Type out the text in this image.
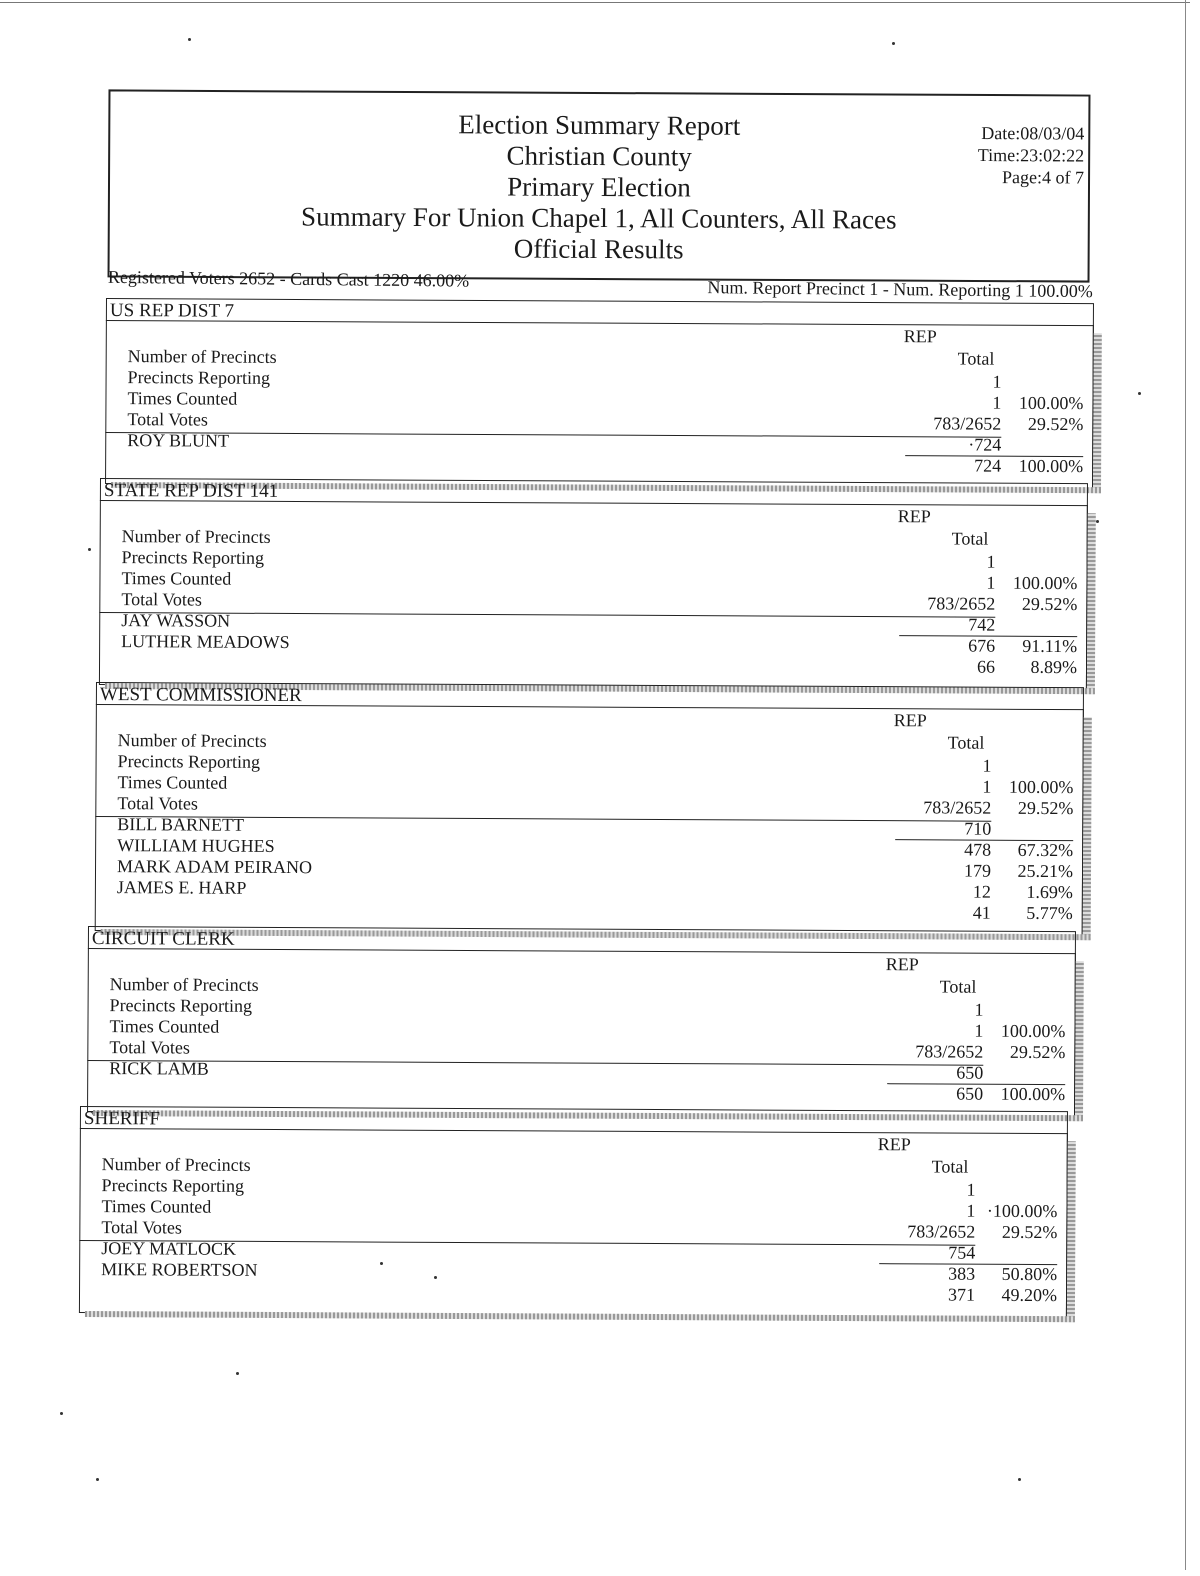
Election Summary Report
Christian County
Primary Election
Summary For Union Chapel 1, All Counters, All Races
Official Results
Date:08/03/04
Time:23:02:22
Page:4 of 7
Registered Voters 2652 - Cards Cast 1220 46.00%	Num. Report Precinct 1 - Num. Reporting 1 100.00%
US REP DIST 7
REP
Total
Number of Precincts
Precincts Reporting
Times Counted
Total Votes
ROY BLUNT
1
1
783/2652
·724
724
100.00%
29.52%
100.00%
STATE REP DIST 141
REP
Total
Number of Precincts
Precincts Reporting
Times Counted
Total Votes
JAY WASSON
LUTHER MEADOWS
1
1
783/2652
742
676
66
100.00%
29.52%
91.11%
8.89%
WEST COMMISSIONER
REP
Total
Number of Precincts
Precincts Reporting
Times Counted
Total Votes
BILL BARNETT
WILLIAM HUGHES
MARK ADAM PEIRANO
JAMES E. HARP
1
1
783/2652
710
478
179
12
41
100.00%
29.52%
67.32%
25.21%
1.69%
5.77%
CIRCUIT CLERK
REP
Total
Number of Precincts
Precincts Reporting
Times Counted
Total Votes
RICK LAMB
1
1
783/2652
650
650
100.00%
29.52%
100.00%
SHERIFF
REP
Total
Number of Precincts
Precincts Reporting
Times Counted
Total Votes
JOEY MATLOCK
MIKE ROBERTSON
1
1
783/2652
754
383
371
·100.00%
29.52%
50.80%
49.20%
